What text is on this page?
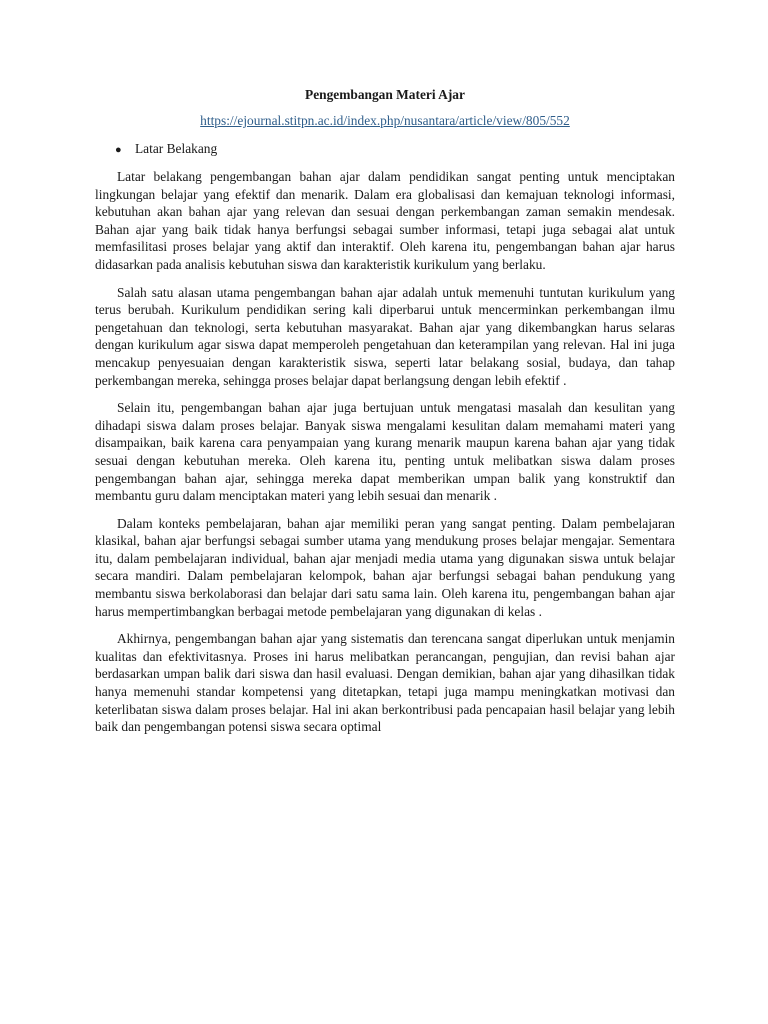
Pengembangan Materi Ajar

https://ejournal.stitpn.ac.id/index.php/nusantara/article/view/805/552
● Latar Belakang

Latar belakang pengembangan bahan ajar dalam pendidikan sangat penting untuk menciptakan lingkungan belajar yang efektif dan menarik. Dalam era globalisasi dan kemajuan teknologi informasi, kebutuhan akan bahan ajar yang relevan dan sesuai dengan perkembangan zaman semakin mendesak. Bahan ajar yang baik tidak hanya berfungsi sebagai sumber informasi, tetapi juga sebagai alat untuk memfasilitasi proses belajar yang aktif dan interaktif. Oleh karena itu, pengembangan bahan ajar harus didasarkan pada analisis kebutuhan siswa dan karakteristik kurikulum yang berlaku.

Salah satu alasan utama pengembangan bahan ajar adalah untuk memenuhi tuntutan kurikulum yang terus berubah. Kurikulum pendidikan sering kali diperbarui untuk mencerminkan perkembangan ilmu pengetahuan dan teknologi, serta kebutuhan masyarakat. Bahan ajar yang dikembangkan harus selaras dengan kurikulum agar siswa dapat memperoleh pengetahuan dan keterampilan yang relevan. Hal ini juga mencakup penyesuaian dengan karakteristik siswa, seperti latar belakang sosial, budaya, dan tahap perkembangan mereka, sehingga proses belajar dapat berlangsung dengan lebih efektif .

Selain itu, pengembangan bahan ajar juga bertujuan untuk mengatasi masalah dan kesulitan yang dihadapi siswa dalam proses belajar. Banyak siswa mengalami kesulitan dalam memahami materi yang disampaikan, baik karena cara penyampaian yang kurang menarik maupun karena bahan ajar yang tidak sesuai dengan kebutuhan mereka. Oleh karena itu, penting untuk melibatkan siswa dalam proses pengembangan bahan ajar, sehingga mereka dapat memberikan umpan balik yang konstruktif dan membantu guru dalam menciptakan materi yang lebih sesuai dan menarik .

Dalam konteks pembelajaran, bahan ajar memiliki peran yang sangat penting. Dalam pembelajaran klasikal, bahan ajar berfungsi sebagai sumber utama yang mendukung proses belajar mengajar. Sementara itu, dalam pembelajaran individual, bahan ajar menjadi media utama yang digunakan siswa untuk belajar secara mandiri. Dalam pembelajaran kelompok, bahan ajar berfungsi sebagai bahan pendukung yang membantu siswa berkolaborasi dan belajar dari satu sama lain. Oleh karena itu, pengembangan bahan ajar harus mempertimbangkan berbagai metode pembelajaran yang digunakan di kelas .

Akhirnya, pengembangan bahan ajar yang sistematis dan terencana sangat diperlukan untuk menjamin kualitas dan efektivitasnya. Proses ini harus melibatkan perancangan, pengujian, dan revisi bahan ajar berdasarkan umpan balik dari siswa dan hasil evaluasi. Dengan demikian, bahan ajar yang dihasilkan tidak hanya memenuhi standar kompetensi yang ditetapkan, tetapi juga mampu meningkatkan motivasi dan keterlibatan siswa dalam proses belajar. Hal ini akan berkontribusi pada pencapaian hasil belajar yang lebih baik dan pengembangan potensi siswa secara optimal
